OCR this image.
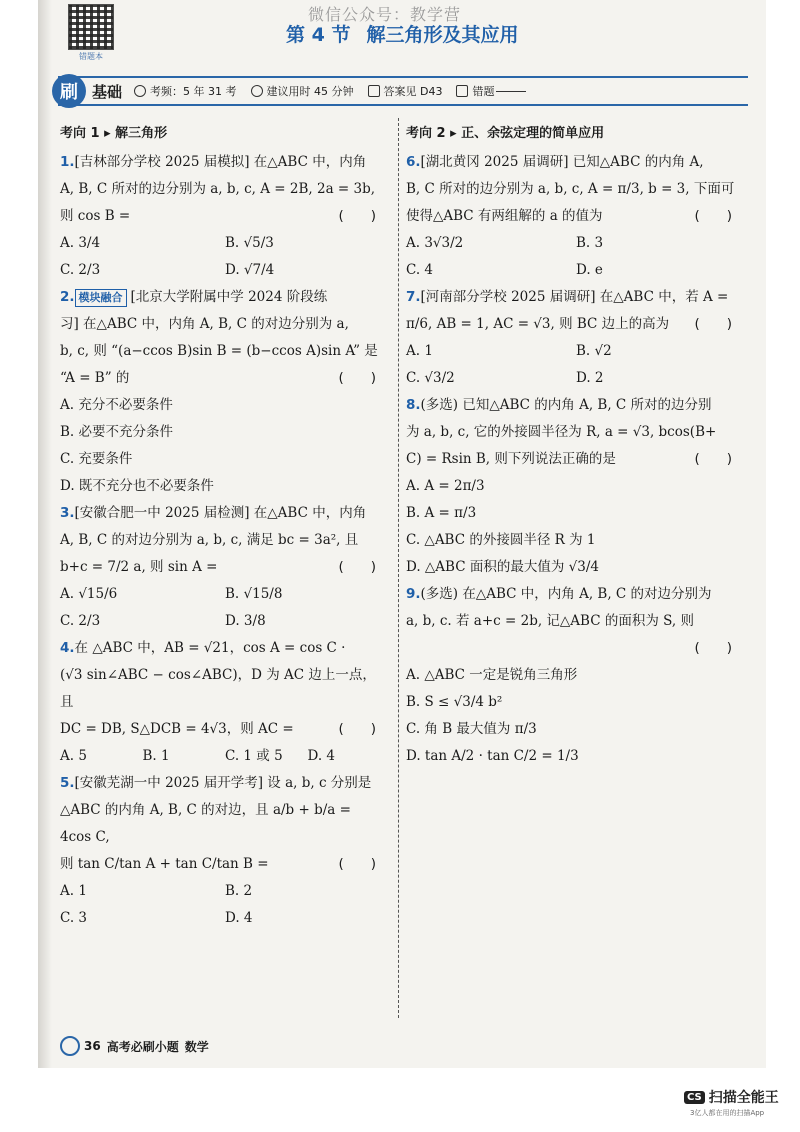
错题本
微信公众号：教学营
第 4 节 解三角形及其应用
刷 基础	考频：5 年 31 考	建议用时 45 分钟	答案见 D43	错题
考向 1 ▸ 解三角形
1.[吉林部分学校 2025 届模拟] 在△ABC 中，内角
A, B, C 所对的边分别为 a, b, c, A = 2B, 2a = 3b,
则 cos B =	(　　)
A. 3/4	B. √5/3
C. 2/3	D. √7/4
2. 模块融合 [北京大学附属中学 2024 阶段练
习] 在△ABC 中，内角 A, B, C 的对边分别为 a,
b, c, 则 “(a−ccos B)sin B = (b−ccos A)sin A” 是
“A = B” 的	(　　)
A. 充分不必要条件
B. 必要不充分条件
C. 充要条件
D. 既不充分也不必要条件
3.[安徽合肥一中 2025 届检测] 在△ABC 中，内角
A, B, C 的对边分别为 a, b, c, 满足 bc = 3a², 且
b+c = 7/2 a, 则 sin A =	(　　)
A. √15/6	B. √15/8
C. 2/3	D. 3/8
4.在 △ABC 中，AB = √21，cos A = cos C ·
(√3 sin∠ABC − cos∠ABC)，D 为 AC 边上一点，且
DC = DB, S△DCB = 4√3，则 AC =	(　　)
A. 5	B. 1	C. 1 或 5	D. 4
5.[安徽芜湖一中 2025 届开学考] 设 a, b, c 分别是
△ABC 的内角 A, B, C 的对边，且 a/b + b/a = 4cos C,
则 tan C/tan A + tan C/tan B =	(　　)
A. 1	B. 2
C. 3	D. 4
考向 2 ▸ 正、余弦定理的简单应用
6.[湖北黄冈 2025 届调研] 已知△ABC 的内角 A,
B, C 所对的边分别为 a, b, c, A = π/3, b = 3, 下面可
使得△ABC 有两组解的 a 的值为	(　　)
A. 3√3/2	B. 3
C. 4	D. e
7.[河南部分学校 2025 届调研] 在△ABC 中，若 A =
π/6, AB = 1, AC = √3, 则 BC 边上的高为 (　　)
A. 1	B. √2
C. √3/2	D. 2
8.(多选) 已知△ABC 的内角 A, B, C 所对的边分别
为 a, b, c, 它的外接圆半径为 R, a = √3, bcos(B+
C) = Rsin B, 则下列说法正确的是	(　　)
A. A = 2π/3
B. A = π/3
C. △ABC 的外接圆半径 R 为 1
D. △ABC 面积的最大值为 √3/4
9.(多选) 在△ABC 中，内角 A, B, C 的对边分别为
a, b, c. 若 a+c = 2b, 记△ABC 的面积为 S, 则
(　　)
A. △ABC 一定是锐角三角形
B. S ≤ √3/4 b²
C. 角 B 最大值为 π/3
D. tan A/2 · tan C/2 = 1/3
36 高考必刷小题 数学
CS 扫描全能王
3亿人都在用的扫描App
